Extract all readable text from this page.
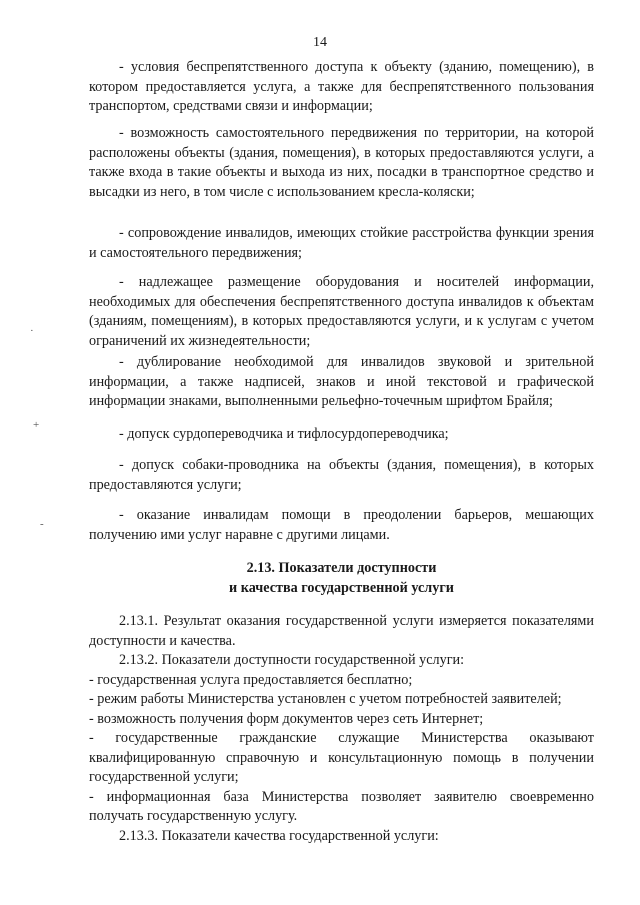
14

- условия беспрепятственного доступа к объекту (зданию, помещению), в котором предоставляется услуга, а также для беспрепятственного пользования транспортом, средствами связи и информации;

- возможность самостоятельного передвижения по территории, на которой расположены объекты (здания, помещения), в которых предоставляются услуги, а также входа в такие объекты и выхода из них, посадки в транспортное средство и высадки из него, в том числе с использованием кресла-коляски;

- сопровождение инвалидов, имеющих стойкие расстройства функции зрения и самостоятельного передвижения;

- надлежащее размещение оборудования и носителей информации, необходимых для обеспечения беспрепятственного доступа инвалидов к объектам (зданиям, помещениям), в которых предоставляются услуги, и к услугам с учетом ограничений их жизнедеятельности;

- дублирование необходимой для инвалидов звуковой и зрительной информации, а также надписей, знаков и иной текстовой и графической информации знаками, выполненными рельефно-точечным шрифтом Брайля;

- допуск сурдопереводчика и тифлосурдопереводчика;

- допуск собаки-проводника на объекты (здания, помещения), в которых предоставляются услуги;

- оказание инвалидам помощи в преодолении барьеров, мешающих получению ими услуг наравне с другими лицами.

2.13. Показатели доступности
и качества государственной услуги

2.13.1. Результат оказания государственной услуги измеряется показателями доступности и качества.

2.13.2. Показатели доступности государственной услуги:

- государственная услуга предоставляется бесплатно;

- режим работы Министерства установлен с учетом потребностей заявителей;

- возможность получения форм документов через сеть Интернет;

- государственные гражданские служащие Министерства оказывают квалифицированную справочную и консультационную помощь в получении государственной услуги;

- информационная база Министерства позволяет заявителю своевременно получать государственную услугу.

2.13.3. Показатели качества государственной услуги:

·
+
-
